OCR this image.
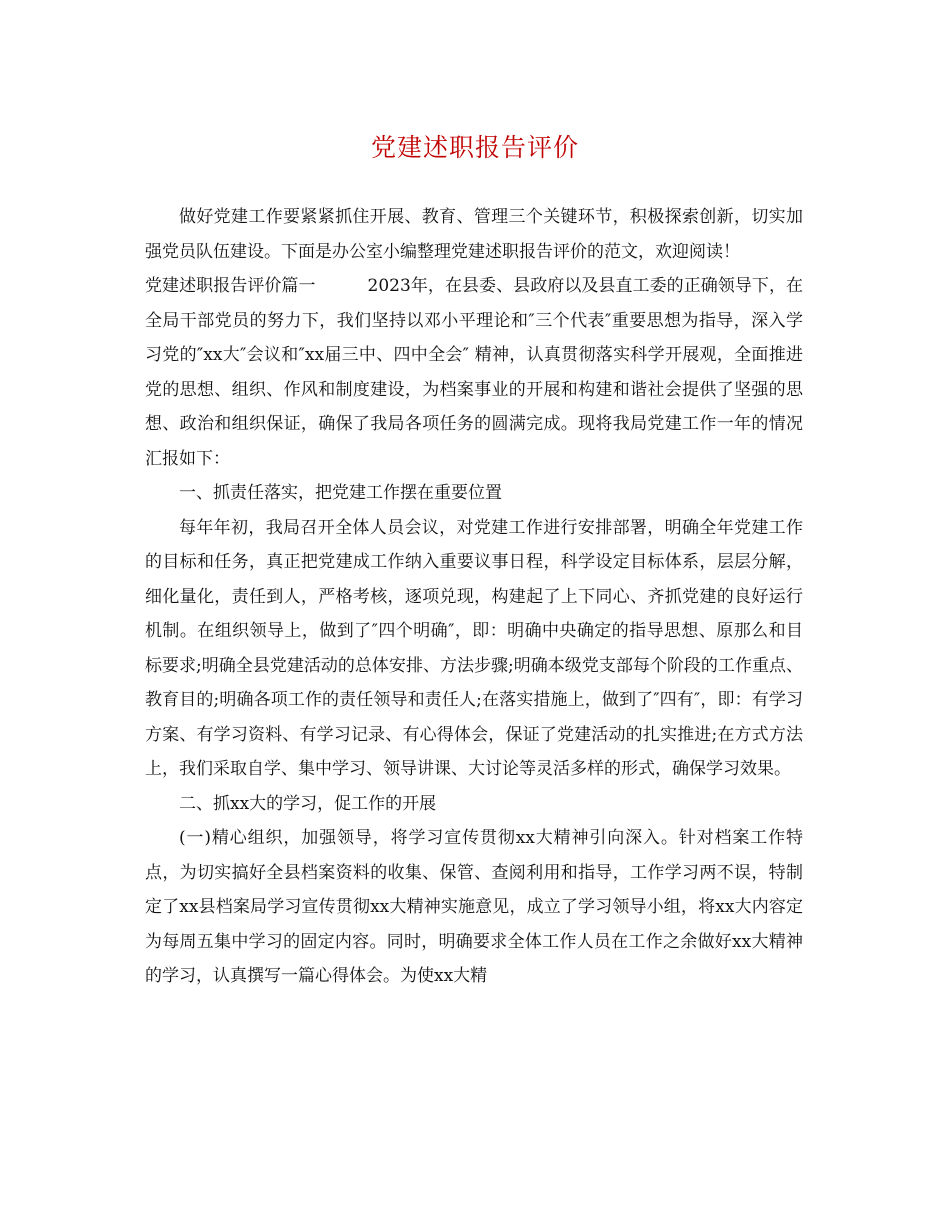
党建述职报告评价

做好党建工作要紧紧抓住开展、教育、管理三个关键环节，积极探索创新，切实加强党员队伍建设。下面是办公室小编整理党建述职报告评价的范文，欢迎阅读！

党建述职报告评价篇一	2023年，在县委、县政府以及县直工委的正确领导下，在全局干部党员的努力下，我们坚持以邓小平理论和″三个代表″重要思想为指导，深入学习党的″xx大″会议和″xx届三中、四中全会″ 精神，认真贯彻落实科学开展观，全面推进党的思想、组织、作风和制度建设，为档案事业的开展和构建和谐社会提供了坚强的思想、政治和组织保证，确保了我局各项任务的圆满完成。现将我局党建工作一年的情况汇报如下：

一、抓责任落实，把党建工作摆在重要位置

每年年初，我局召开全体人员会议，对党建工作进行安排部署，明确全年党建工作的目标和任务，真正把党建成工作纳入重要议事日程，科学设定目标体系，层层分解，细化量化，责任到人，严格考核，逐项兑现，构建起了上下同心、齐抓党建的良好运行机制。在组织领导上，做到了″四个明确″，即：明确中央确定的指导思想、原那么和目标要求;明确全县党建活动的总体安排、方法步骤;明确本级党支部每个阶段的工作重点、教育目的;明确各项工作的责任领导和责任人;在落实措施上，做到了″四有″，即：有学习方案、有学习资料、有学习记录、有心得体会，保证了党建活动的扎实推进;在方式方法上，我们采取自学、集中学习、领导讲课、大讨论等灵活多样的形式，确保学习效果。

二、抓xx大的学习，促工作的开展

(一)精心组织，加强领导，将学习宣传贯彻xx大精神引向深入。针对档案工作特点，为切实搞好全县档案资料的收集、保管、查阅利用和指导，工作学习两不误，特制定了xx县档案局学习宣传贯彻xx大精神实施意见，成立了学习领导小组，将xx大内容定为每周五集中学习的固定内容。同时，明确要求全体工作人员在工作之余做好xx大精神的学习，认真撰写一篇心得体会。为使xx大精
